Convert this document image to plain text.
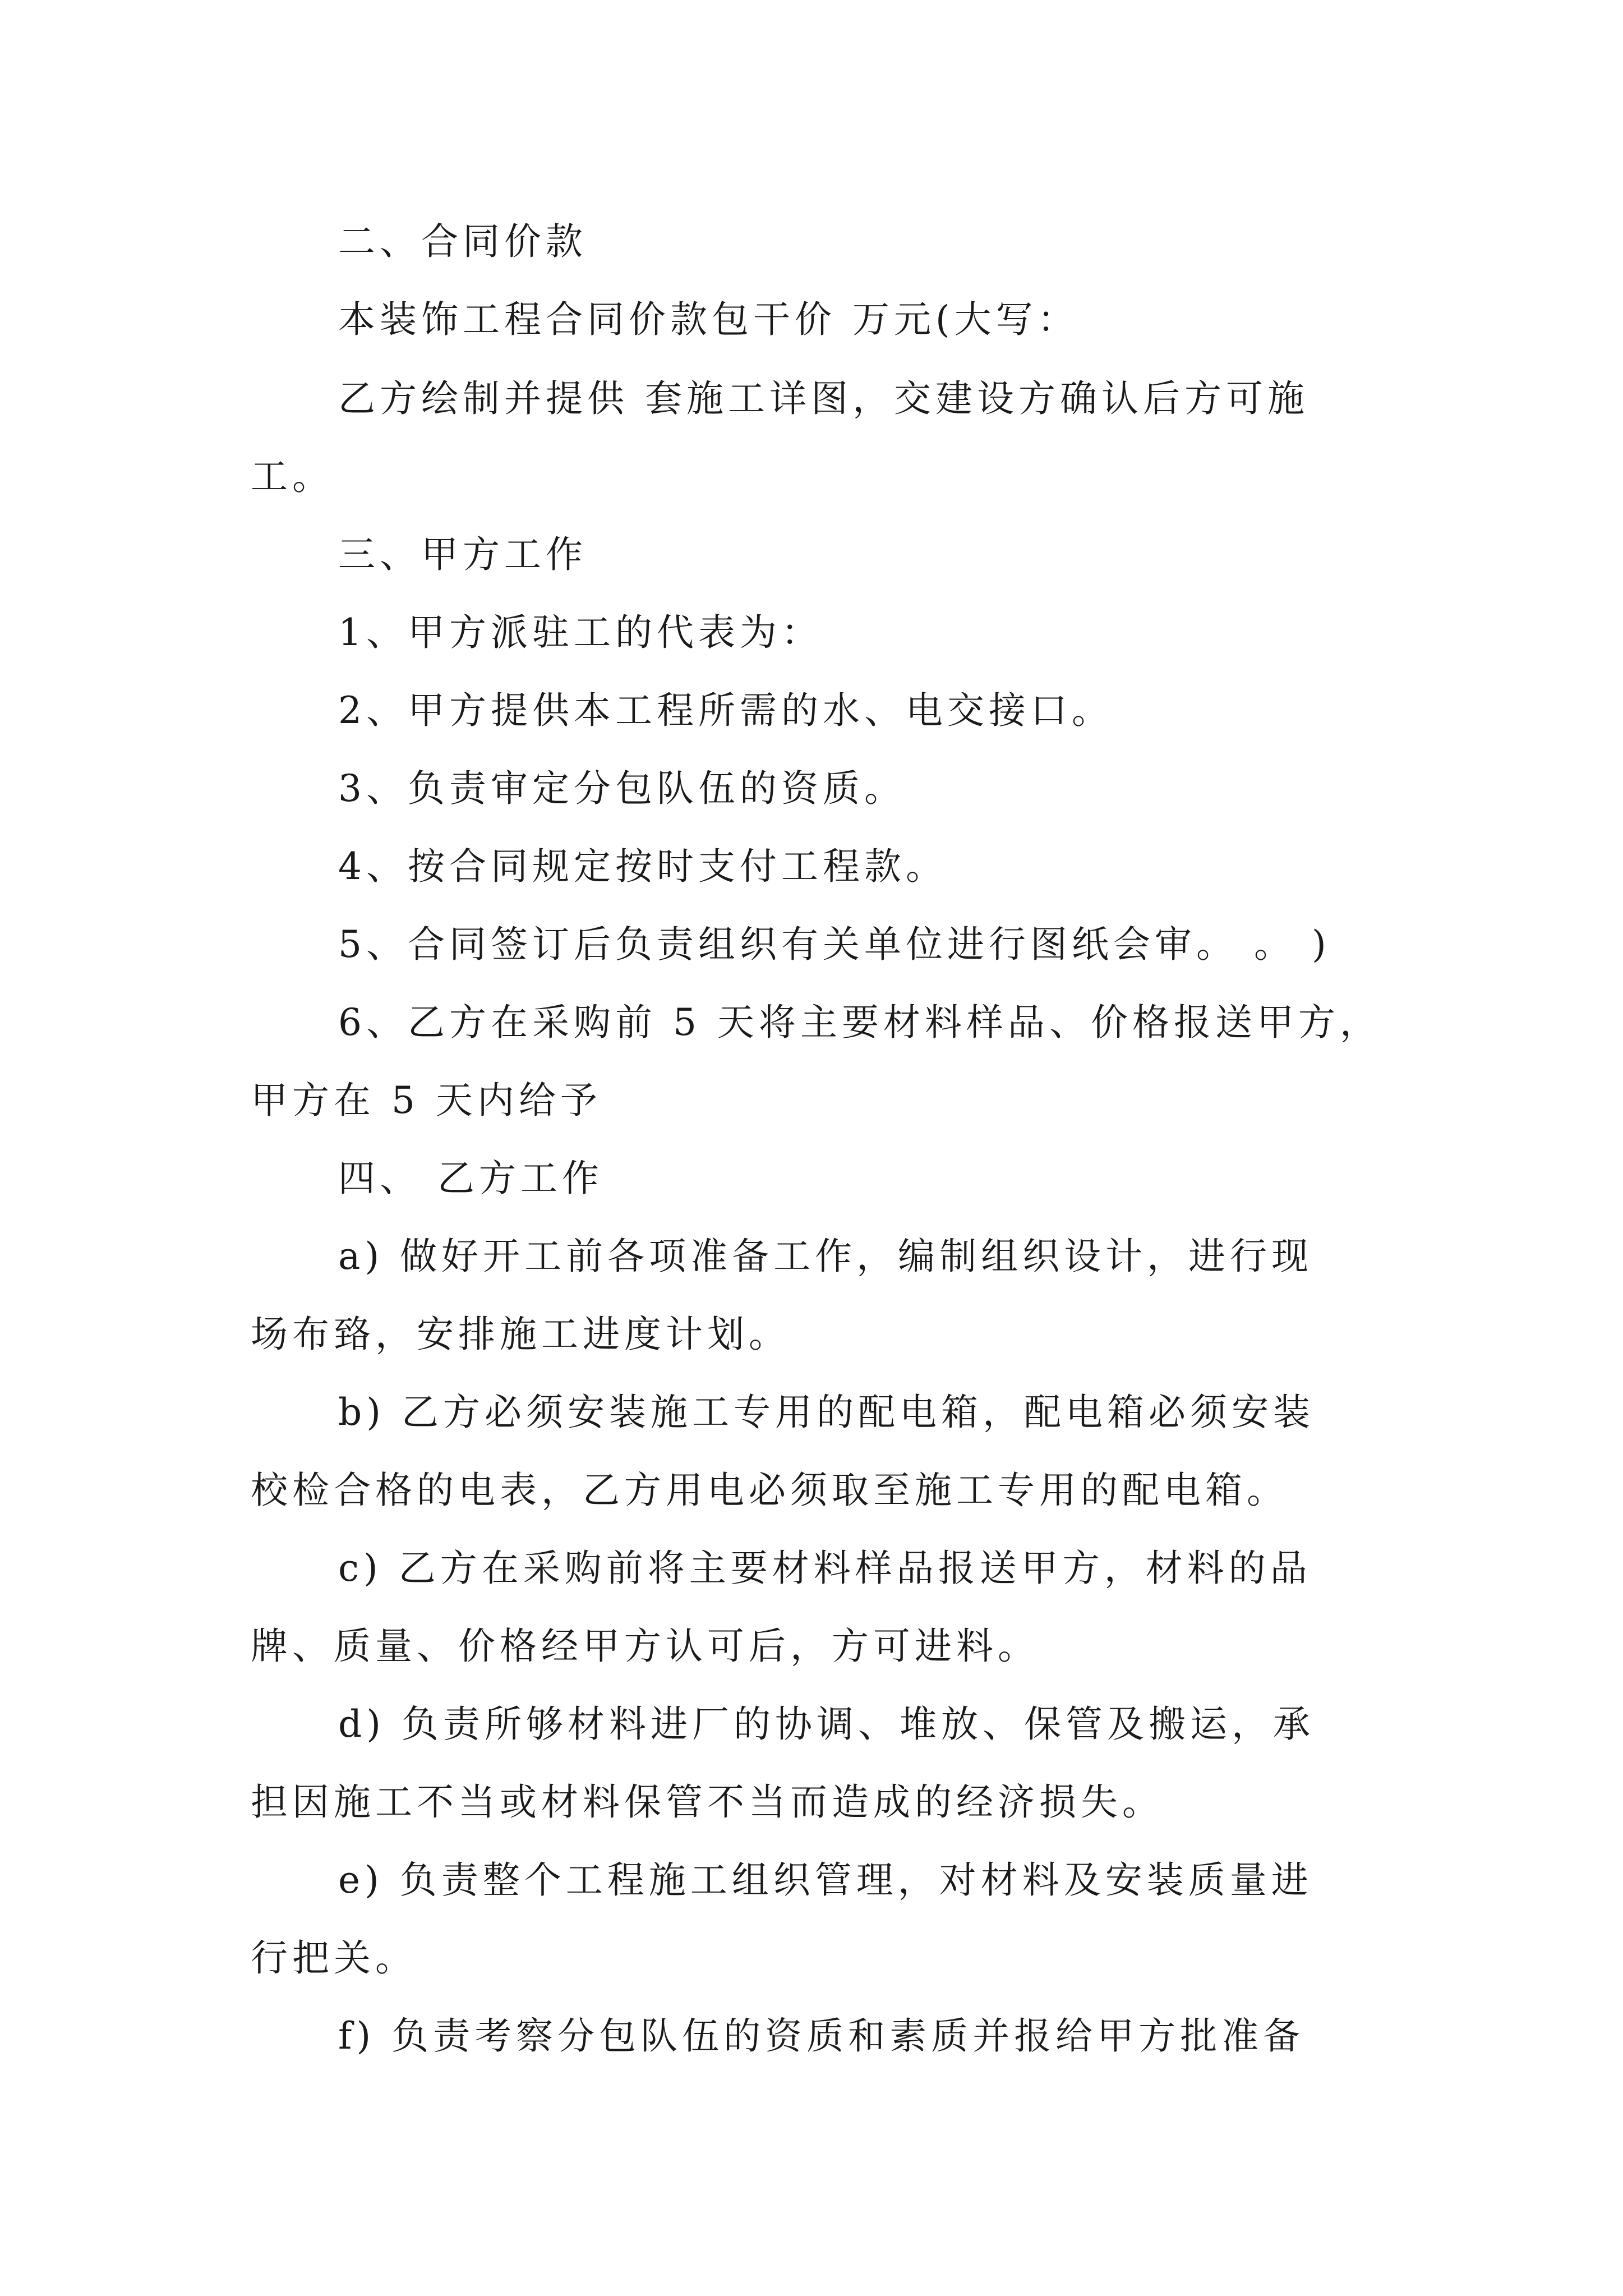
二、合同价款
本装饰工程合同价款包干价 万元(大写：
乙方绘制并提供 套施工详图，交建设方确认后方可施
工。
三、甲方工作
1、甲方派驻工的代表为：
2、甲方提供本工程所需的水、电交接口。
3、负责审定分包队伍的资质。
4、按合同规定按时支付工程款。
5、合同签订后负责组织有关单位进行图纸会审。 。 )
6、乙方在采购前 5 天将主要材料样品、价格报送甲方，
甲方在 5 天内给予
四、 乙方工作
a) 做好开工前各项准备工作，编制组织设计，进行现
场布臵，安排施工进度计划。
b) 乙方必须安装施工专用的配电箱，配电箱必须安装
校检合格的电表，乙方用电必须取至施工专用的配电箱。
c) 乙方在采购前将主要材料样品报送甲方，材料的品
牌、质量、价格经甲方认可后，方可进料。
d) 负责所够材料进厂的协调、堆放、保管及搬运，承
担因施工不当或材料保管不当而造成的经济损失。
e) 负责整个工程施工组织管理，对材料及安装质量进
行把关。
f) 负责考察分包队伍的资质和素质并报给甲方批准备
